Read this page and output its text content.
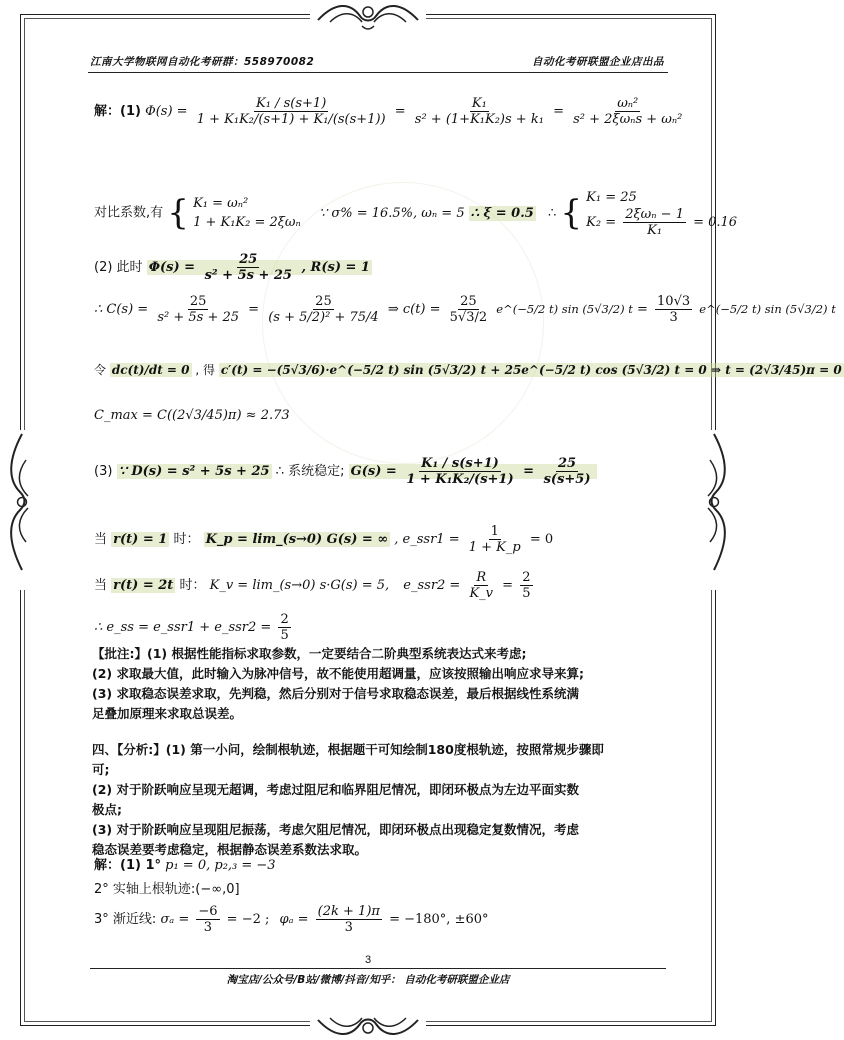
江南大学物联网自动化考研群：558970082	自动化考研联盟企业店出品
解：(1) $\Phi(s) = \frac{\text{K₁ / s(s+1)}}{\text{1 + K₁K₂/(s+1) + K₁/(s(s+1))}} = \frac{\text{K₁}}{\text{s² + (1+K₁K₂)s + k₁}} = \frac{\text{ωₙ²}}{\text{s² + 2ξωₙs + ωₙ²}}$
对比系数,有 { K₁ = ωₙ²
1 + K₁K₂ = 2ξωₙ ∵ σ% = 16.5%, ωₙ = 5 ∴ ξ = 0.5 ∴ { K₁ = 25
$K_2 = \frac{\text{2ξωₙ − 1}}{\text{K₁}} = 0.16$
(2) 此时 $\Phi(s) = \frac{25}{\text{s² + 5s + 25}}$ , R(s) = 1
∴ $C(s) = \frac{25}{\text{s² + 5s + 25}} = \frac{25}{\text{(s + 5/2)² + 75/4}}$ ⇒ $c(t) = \frac{25}{5√3/2}$ e^(−5/2 t) sin (5√3/2) $t = \frac{10√3}{3}$ e^(−5/2 t) sin (5√3/2) t
令 dc(t)/dt = 0 , 得 c′(t) = −(5√3/6)·e^(−5/2 t) sin (5√3/2) t + 25e^(−5/2 t) cos (5√3/2) t = 0 ⇒ t = (2√3/45)π = 0
C_max = C((2√3/45)π) ≈ 2.73
(3) ∵ D(s) = s² + 5s + 25 ∴ 系统稳定; $G(s) = \frac{\text{K₁ / s(s+1)}}{\text{1 + K₁K₂/(s+1)}} = \frac{25}{s(s+5)}$
当 r(t) = 1 时： K_p = lim_(s→0) G(s) = ∞ , e_ssr1 = $\frac{1}{1 + K\_p} = 0$
当 r(t) = 2t 时： K_v = lim_(s→0) s·G(s) = 5, e_ssr2 = $\frac{R}{K\_v} = \frac{2}{5}$
∴ e_ss = e_ssr1 + e_ssr2 = $\frac{2}{5}$
【批注:】(1) 根据性能指标求取参数，一定要结合二阶典型系统表达式来考虑;
(2) 求取最大值，此时输入为脉冲信号，故不能使用超调量，应该按照输出响应求导来算;
(3) 求取稳态误差求取，先判稳，然后分别对于信号求取稳态误差，最后根据线性系统满
足叠加原理来求取总误差。
四、【分析:】(1) 第一小问，绘制根轨迹，根据题干可知绘制180度根轨迹，按照常规步骤即
可;
(2) 对于阶跃响应呈现无超调，考虑过阻尼和临界阻尼情况，即闭环极点为左边平面实数
极点;
(3) 对于阶跃响应呈现阻尼振荡，考虑欠阻尼情况，即闭环极点出现稳定复数情况，考虑
稳态误差要考虑稳定，根据静态误差系数法求取。
解：(1) 1° p₁ = 0, p₂,₃ = −3
2° 实轴上根轨迹:(−∞,0]
3° 渐近线: $\sigma_a = \frac{-6}{3} = -2$ ; $\varphi_a = \frac{(2k + 1)\pi}{3} = -180^\circ$, ±60°
3
淘宝店/公众号/B站/微博/抖音/知乎： 自动化考研联盟企业店
